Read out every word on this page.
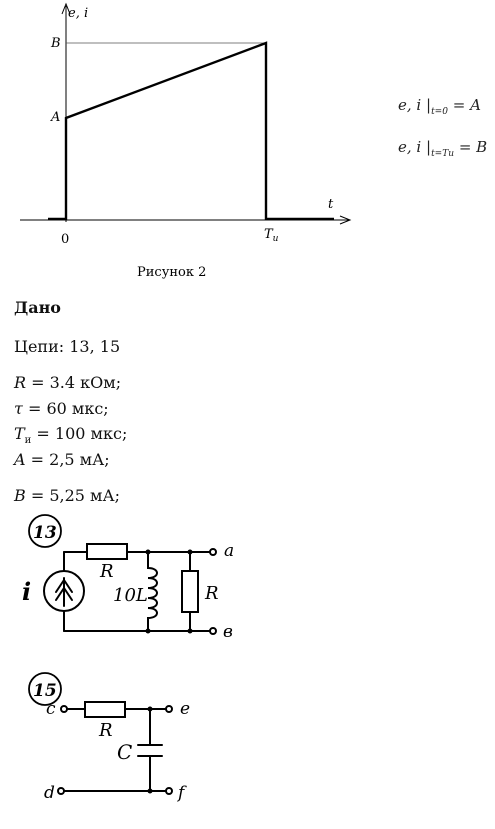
e, i
t
B
A
0	$T_u$
Рисунок 2
e, i $|_{t=0} = A$
e, i $|_{t=Tu} = B$
Дано
Цепи: 13, 15
R = 3.4 кОм;
τ = 60 мкс;
$T_и = 100$ мкс;
A = 2,5 мА;
B = 5,25 мА;
13
i
R
10L	R
a
в
15
c
d
R
C
e
f
